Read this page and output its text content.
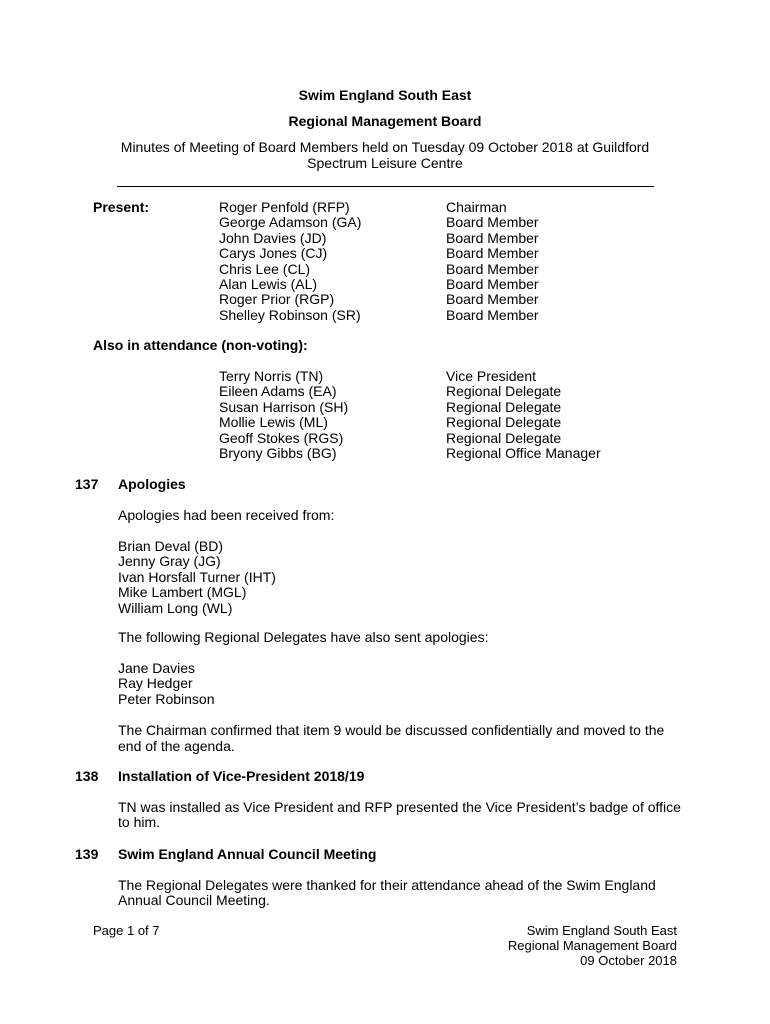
Swim England South East
Regional Management Board
Minutes of Meeting of Board Members held on Tuesday 09 October 2018 at Guildford
Spectrum Leisure Centre
Present:	Roger Penfold (RFP)	Chairman
George Adamson (GA)	Board Member
John Davies (JD)	Board Member
Carys Jones (CJ)	Board Member
Chris Lee (CL)	Board Member
Alan Lewis (AL)	Board Member
Roger Prior (RGP)	Board Member
Shelley Robinson (SR)	Board Member
Also in attendance (non-voting):
Terry Norris (TN)	Vice President
Eileen Adams (EA)	Regional Delegate
Susan Harrison (SH)	Regional Delegate
Mollie Lewis (ML)	Regional Delegate
Geoff Stokes (RGS)	Regional Delegate
Bryony Gibbs (BG)	Regional Office Manager
137 Apologies
Apologies had been received from:
Brian Deval (BD)
Jenny Gray (JG)
Ivan Horsfall Turner (IHT)
Mike Lambert (MGL)
William Long (WL)
The following Regional Delegates have also sent apologies:
Jane Davies
Ray Hedger
Peter Robinson
The Chairman confirmed that item 9 would be discussed confidentially and moved to the
end of the agenda.
138 Installation of Vice-President 2018/19
TN was installed as Vice President and RFP presented the Vice President’s badge of office
to him.
139 Swim England Annual Council Meeting
The Regional Delegates were thanked for their attendance ahead of the Swim England
Annual Council Meeting.
Page 1 of 7	Swim England South East
Regional Management Board
09 October 2018
